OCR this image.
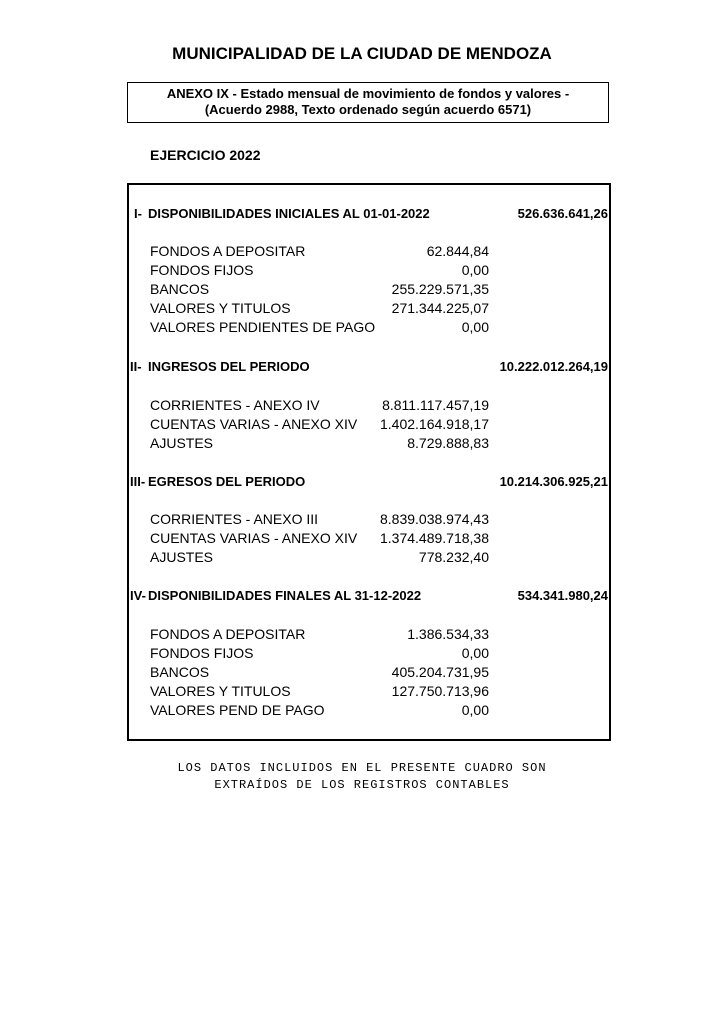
MUNICIPALIDAD DE LA CIUDAD DE MENDOZA
ANEXO IX - Estado mensual de movimiento de fondos y valores -
(Acuerdo 2988, Texto ordenado según acuerdo 6571)
EJERCICIO 2022
I- DISPONIBILIDADES INICIALES AL 01-01-2022	526.636.641,26
FONDOS A DEPOSITAR	62.844,84
FONDOS FIJOS	0,00
BANCOS	255.229.571,35
VALORES Y TITULOS	271.344.225,07
VALORES PENDIENTES DE PAGO	0,00
II- INGRESOS DEL PERIODO	10.222.012.264,19
CORRIENTES - ANEXO IV	8.811.117.457,19
CUENTAS VARIAS - ANEXO XIV 1.402.164.918,17
AJUSTES	8.729.888,83
III- EGRESOS DEL PERIODO	10.214.306.925,21
CORRIENTES - ANEXO III	8.839.038.974,43
CUENTAS VARIAS - ANEXO XIV 1.374.489.718,38
AJUSTES	778.232,40
IV- DISPONIBILIDADES FINALES AL 31-12-2022	534.341.980,24
FONDOS A DEPOSITAR	1.386.534,33
FONDOS FIJOS	0,00
BANCOS	405.204.731,95
VALORES Y TITULOS	127.750.713,96
VALORES PEND DE PAGO	0,00
LOS DATOS INCLUIDOS EN EL PRESENTE CUADRO SON
EXTRAÍDOS DE LOS REGISTROS CONTABLES
